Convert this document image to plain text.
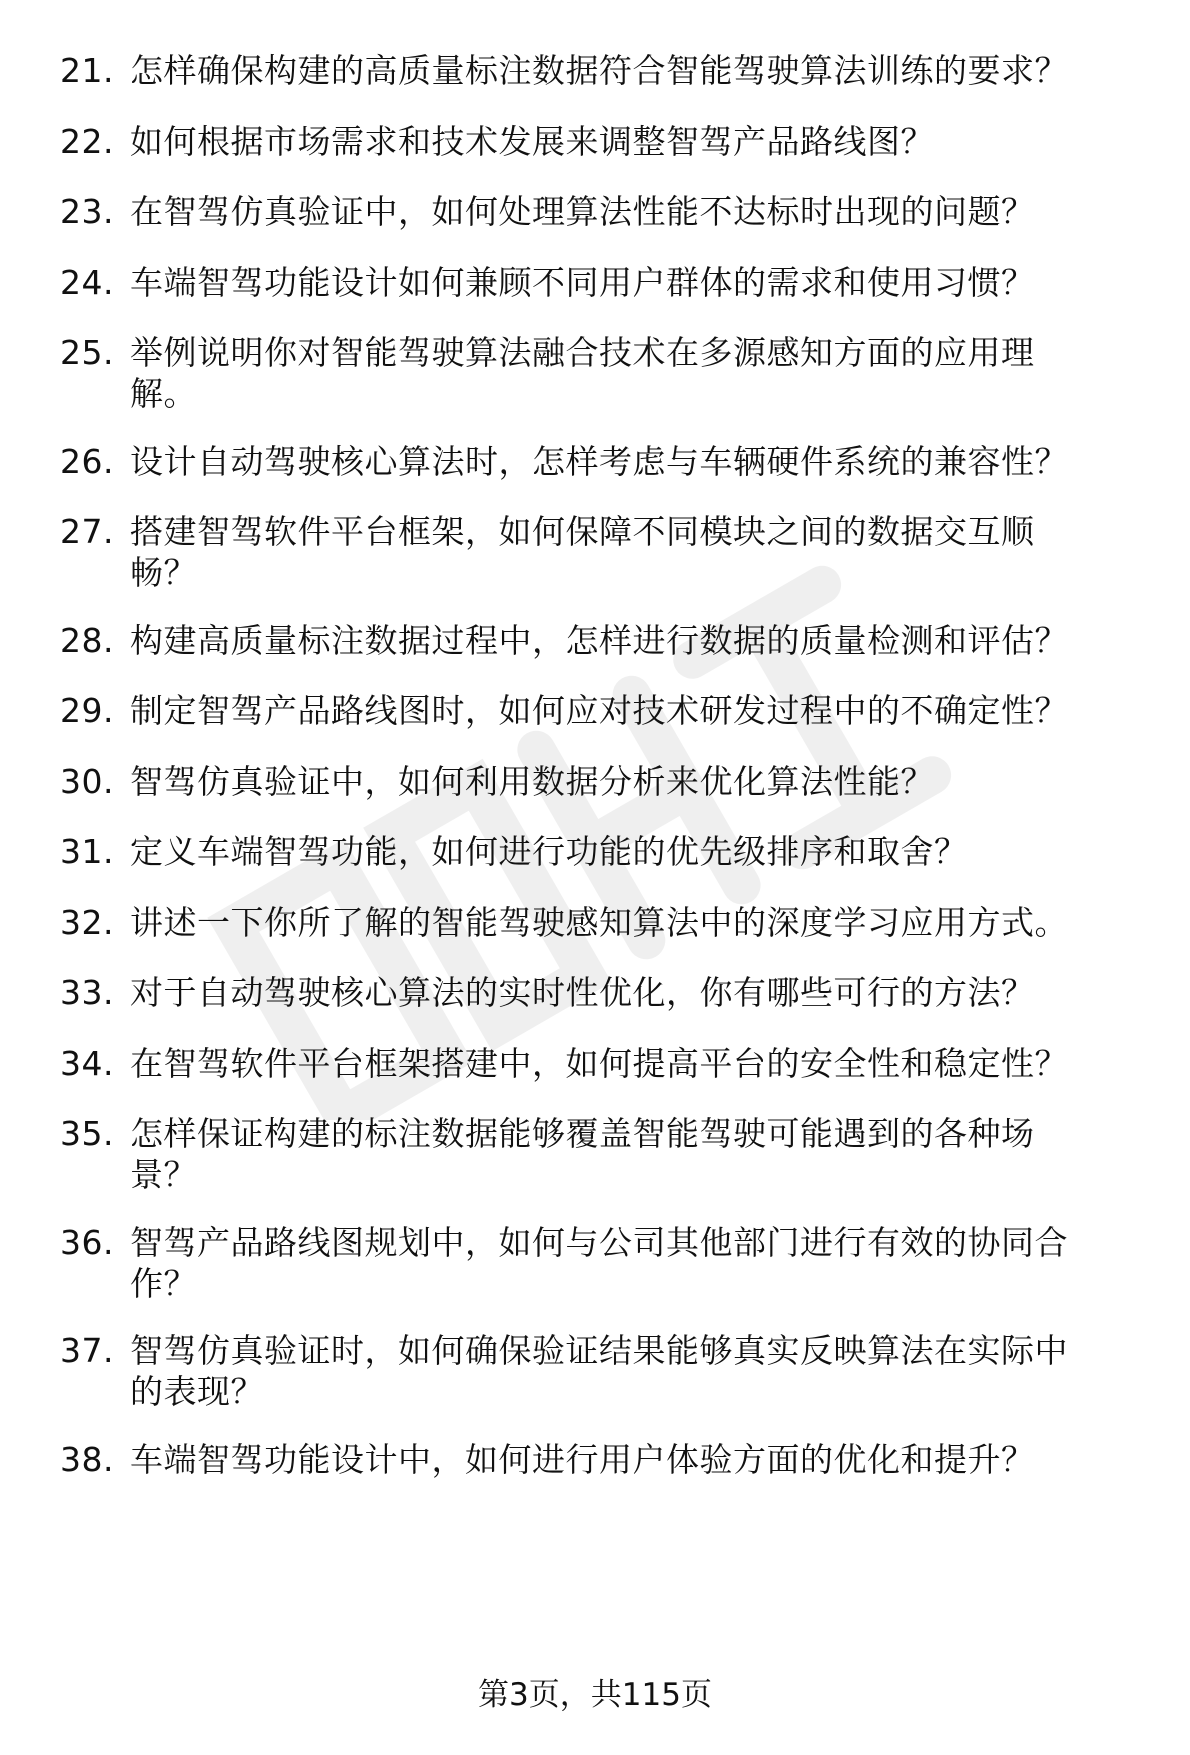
21. 怎样确保构建的高质量标注数据符合智能驾驶算法训练的要求？
22. 如何根据市场需求和技术发展来调整智驾产品路线图？
23. 在智驾仿真验证中，如何处理算法性能不达标时出现的问题？
24. 车端智驾功能设计如何兼顾不同用户群体的需求和使用习惯？
25. 举例说明你对智能驾驶算法融合技术在多源感知方面的应用理
解。
26. 设计自动驾驶核心算法时，怎样考虑与车辆硬件系统的兼容性？
27. 搭建智驾软件平台框架，如何保障不同模块之间的数据交互顺
畅？
28. 构建高质量标注数据过程中，怎样进行数据的质量检测和评估？
29. 制定智驾产品路线图时，如何应对技术研发过程中的不确定性？
30. 智驾仿真验证中，如何利用数据分析来优化算法性能？
31. 定义车端智驾功能，如何进行功能的优先级排序和取舍？
32. 讲述一下你所了解的智能驾驶感知算法中的深度学习应用方式。
33. 对于自动驾驶核心算法的实时性优化，你有哪些可行的方法？
34. 在智驾软件平台框架搭建中，如何提高平台的安全性和稳定性？
35. 怎样保证构建的标注数据能够覆盖智能驾驶可能遇到的各种场
景？
36. 智驾产品路线图规划中，如何与公司其他部门进行有效的协同合
作？
37. 智驾仿真验证时，如何确保验证结果能够真实反映算法在实际中
的表现？
38. 车端智驾功能设计中，如何进行用户体验方面的优化和提升？
第3页，共115页
